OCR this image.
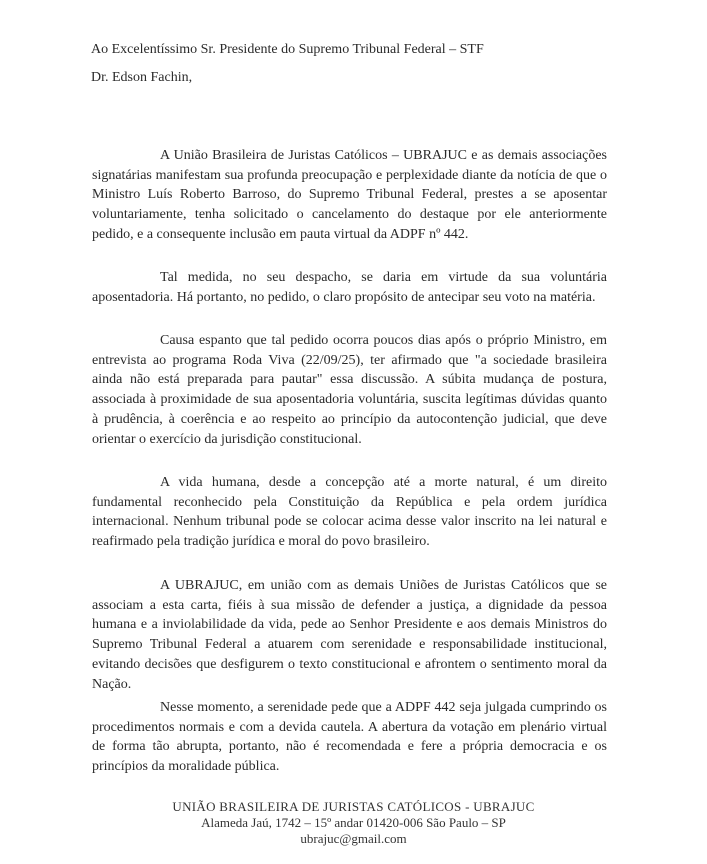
Ao Excelentíssimo Sr. Presidente do Supremo Tribunal Federal – STF
Dr. Edson Fachin,

A União Brasileira de Juristas Católicos – UBRAJUC e as demais associações signatárias manifestam sua profunda preocupação e perplexidade diante da notícia de que o Ministro Luís Roberto Barroso, do Supremo Tribunal Federal, prestes a se aposentar voluntariamente, tenha solicitado o cancelamento do destaque por ele anteriormente pedido, e a consequente inclusão em pauta virtual da ADPF nº 442.

Tal medida, no seu despacho, se daria em virtude da sua voluntária aposentadoria. Há portanto, no pedido, o claro propósito de antecipar seu voto na matéria.

Causa espanto que tal pedido ocorra poucos dias após o próprio Ministro, em entrevista ao programa Roda Viva (22/09/25), ter afirmado que "a sociedade brasileira ainda não está preparada para pautar" essa discussão. A súbita mudança de postura, associada à proximidade de sua aposentadoria voluntária, suscita legítimas dúvidas quanto à prudência, à coerência e ao respeito ao princípio da autocontenção judicial, que deve orientar o exercício da jurisdição constitucional.

A vida humana, desde a concepção até a morte natural, é um direito fundamental reconhecido pela Constituição da República e pela ordem jurídica internacional. Nenhum tribunal pode se colocar acima desse valor inscrito na lei natural e reafirmado pela tradição jurídica e moral do povo brasileiro.

A UBRAJUC, em união com as demais Uniões de Juristas Católicos que se associam a esta carta, fiéis à sua missão de defender a justiça, a dignidade da pessoa humana e a inviolabilidade da vida, pede ao Senhor Presidente e aos demais Ministros do Supremo Tribunal Federal a atuarem com serenidade e responsabilidade institucional, evitando decisões que desfigurem o texto constitucional e afrontem o sentimento moral da Nação.

Nesse momento, a serenidade pede que a ADPF 442 seja julgada cumprindo os procedimentos normais e com a devida cautela. A abertura da votação em plenário virtual de forma tão abrupta, portanto, não é recomendada e fere a própria democracia e os princípios da moralidade pública.

UNIÃO BRASILEIRA DE JURISTAS CATÓLICOS - UBRAJUC
Alameda Jaú, 1742 – 15º andar 01420-006 São Paulo – SP
ubrajuc@gmail.com
